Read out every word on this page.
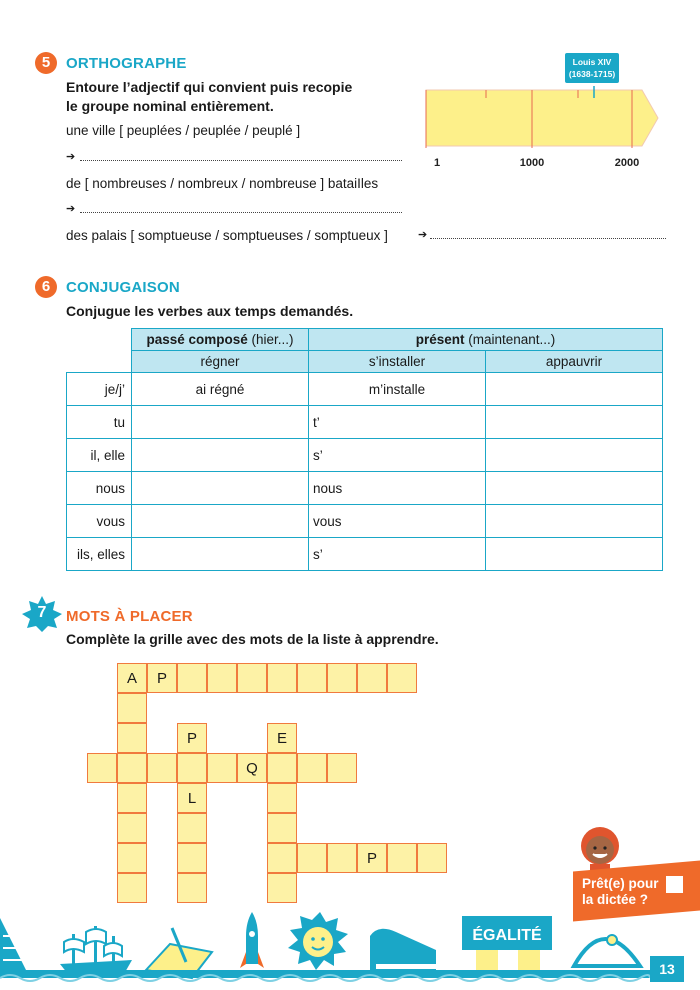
5	ORTHOGRAPHE
Entoure l’adjectif qui convient puis recopie
le groupe nominal entièrement.
une ville [ peuplées / peuplée / peuplé ]
➔
de [ nombreuses / nombreux / nombreuse ] bataiIles
➔
des palais [ somptueuse / somptueuses / somptueux ]	➔
Louis XIV
(1638-1715)
1	1000	2000
6	CONJUGAISON
Conjugue les verbes aux temps demandés.
	passé composé (hier...)	présent (maintenant...)	
	régner	s’installer	appauvrir
je/j’	ai régné	m’installe	
tu		t’	
il, elle		s’	
nous		nous	
vous		vous	
ils, elles		s’	
7	MOTS À PLACER
Complète la grille avec des mots de la liste à apprendre.
A	P
Q
P
L
E
P
Prêt(e) pour
la dictée ?
ÉGALITÉ
13
